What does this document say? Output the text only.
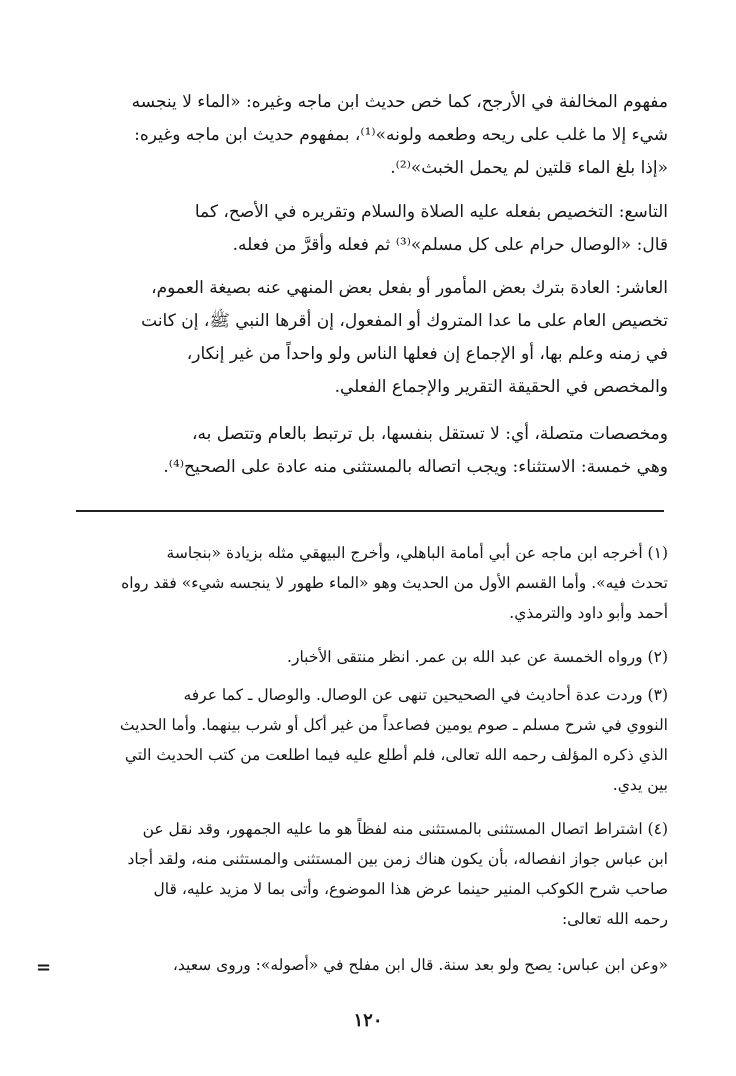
مفهوم المخالفة في الأرجح، كما خص حديث ابن ماجه وغيره: «الماء لا ينجسه
شيء إلا ما غلب على ريحه وطعمه ولونه»⁽¹⁾، بمفهوم حديث ابن ماجه وغيره:
«إذا بلغ الماء قلتين لم يحمل الخبث»⁽²⁾.
التاسع: التخصيص بفعله عليه الصلاة والسلام وتقريره في الأصح، كما
قال: «الوصال حرام على كل مسلم»⁽³⁾ ثم فعله وأقرَّ من فعله.
العاشر: العادة بترك بعض المأمور أو بفعل بعض المنهي عنه بصيغة العموم،
تخصيص العام على ما عدا المتروك أو المفعول، إن أقرها النبي ﷺ، إن كانت
في زمنه وعلم بها، أو الإجماع إن فعلها الناس ولو واحداً من غير إنكار،
والمخصص في الحقيقة التقرير والإجماع الفعلي.
ومخصصات متصلة، أي: لا تستقل بنفسها، بل ترتبط بالعام وتتصل به،
وهي خمسة: الاستثناء: ويجب اتصاله بالمستثنى منه عادة على الصحيح⁽⁴⁾.
(١) أخرجه ابن ماجه عن أبي أمامة الباهلي، وأخرج البيهقي مثله بزيادة «بنجاسة
تحدث فيه». وأما القسم الأول من الحديث وهو «الماء طهور لا ينجسه شيء» فقد رواه
أحمد وأبو داود والترمذي.
(٢) ورواه الخمسة عن عبد الله بن عمر. انظر منتقى الأخبار.
(٣) وردت عدة أحاديث في الصحيحين تنهى عن الوصال. والوصال ـ كما عرفه
النووي في شرح مسلم ـ صوم يومين فصاعداً من غير أكل أو شرب بينهما. وأما الحديث
الذي ذكره المؤلف رحمه الله تعالى، فلم أطلع عليه فيما اطلعت من كتب الحديث التي
بين يدي.
(٤) اشتراط اتصال المستثنى بالمستثنى منه لفظاً هو ما عليه الجمهور، وقد نقل عن
ابن عباس جواز انفصاله، بأن يكون هناك زمن بين المستثنى والمستثنى منه، ولقد أجاد
صاحب شرح الكوكب المنير حينما عرض هذا الموضوع، وأتى بما لا مزيد عليه، قال
رحمه الله تعالى:
«وعن ابن عباس: يصح ولو بعد سنة. قال ابن مفلح في «أصوله»: وروى سعيد،
=
١٢٠
